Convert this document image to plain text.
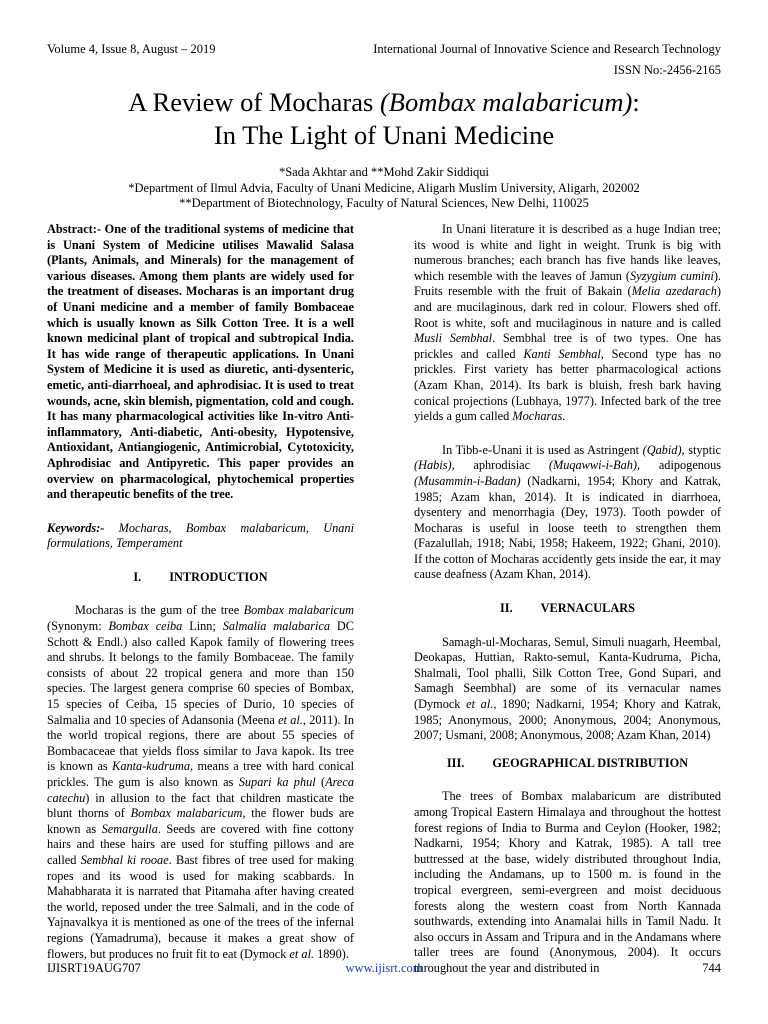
Volume 4, Issue 8, August – 2019	International Journal of Innovative Science and Research Technology
ISSN No:-2456-2165
A Review of Mocharas (Bombax malabaricum):
In The Light of Unani Medicine
*Sada Akhtar and **Mohd Zakir Siddiqui
*Department of Ilmul Advia, Faculty of Unani Medicine, Aligarh Muslim University, Aligarh, 202002
**Department of Biotechnology, Faculty of Natural Sciences, New Delhi, 110025

Abstract:- One of the traditional systems of medicine that is Unani System of Medicine utilises Mawalid Salasa (Plants, Animals, and Minerals) for the management of various diseases. Among them plants are widely used for the treatment of diseases. Mocharas is an important drug of Unani medicine and a member of family Bombaceae which is usually known as Silk Cotton Tree. It is a well known medicinal plant of tropical and subtropical India. It has wide range of therapeutic applications. In Unani System of Medicine it is used as diuretic, anti-dysenteric, emetic, anti-diarrhoeal, and aphrodisiac. It is used to treat wounds, acne, skin blemish, pigmentation, cold and cough. It has many pharmacological activities like In-vitro Anti-inflammatory, Anti-diabetic, Anti-obesity, Hypotensive, Antioxidant, Antiangiogenic, Antimicrobial, Cytotoxicity, Aphrodisiac and Antipyretic. This paper provides an overview on pharmacological, phytochemical properties and therapeutic benefits of the tree.

Keywords:- Mocharas, Bombax malabaricum, Unani formulations, Temperament

I. INTRODUCTION

Mocharas is the gum of the tree Bombax malabaricum (Synonym: Bombax ceiba Linn; Salmalia malabarica DC Schott & Endl.) also called Kapok family of flowering trees and shrubs. It belongs to the family Bombaceae. The family consists of about 22 tropical genera and more than 150 species. The largest genera comprise 60 species of Bombax, 15 species of Ceiba, 15 species of Durio, 10 species of Salmalia and 10 species of Adansonia (Meena et al., 2011). In the world tropical regions, there are about 55 species of Bombacaceae that yields floss similar to Java kapok. Its tree is known as Kanta-kudruma, means a tree with hard conical prickles. The gum is also known as Supari ka phul (Areca catechu) in allusion to the fact that children masticate the blunt thorns of Bombax malabaricum, the flower buds are known as Semargulla. Seeds are covered with fine cottony hairs and these hairs are used for stuffing pillows and are called Sembhal ki rooae. Bast fibres of tree used for making ropes and its wood is used for making scabbards. In Mahabharata it is narrated that Pitamaha after having created the world, reposed under the tree Salmali, and in the code of Yajnavalkya it is mentioned as one of the trees of the infernal regions (Yamadruma), because it makes a great show of flowers, but produces no fruit fit to eat (Dymock et al. 1890).

In Unani literature it is described as a huge Indian tree; its wood is white and light in weight. Trunk is big with numerous branches; each branch has five hands like leaves, which resemble with the leaves of Jamun (Syzygium cumini). Fruits resemble with the fruit of Bakain (Melia azedarach) and are mucilaginous, dark red in colour. Flowers shed off. Root is white, soft and mucilaginous in nature and is called Musli Sembhal. Sembhal tree is of two types. One has prickles and called Kanti Sembhal, Second type has no prickles. First variety has better pharmacological actions (Azam Khan, 2014). Its bark is bluish, fresh bark having conical projections (Lubhaya, 1977). Infected bark of the tree yields a gum called Mocharas.

In Tibb-e-Unani it is used as Astringent (Qabid), styptic (Habis), aphrodisiac (Muqawwi-i-Bah), adipogenous (Musammin-i-Badan) (Nadkarni, 1954; Khory and Katrak, 1985; Azam khan, 2014). It is indicated in diarrhoea, dysentery and menorrhagia (Dey, 1973). Tooth powder of Mocharas is useful in loose teeth to strengthen them (Fazalullah, 1918; Nabi, 1958; Hakeem, 1922; Ghani, 2010). If the cotton of Mocharas accidently gets inside the ear, it may cause deafness (Azam Khan, 2014).

II. VERNACULARS

Samagh-ul-Mocharas, Semul, Simuli nuagarh, Heembal, Deokapas, Huttian, Rakto-semul, Kanta-Kudruma, Picha, Shalmali, Tool phalli, Silk Cotton Tree, Gond Supari, and Samagh Seembhal) are some of its vernacular names (Dymock et al., 1890; Nadkarni, 1954; Khory and Katrak, 1985; Anonymous, 2000; Anonymous, 2004; Anonymous, 2007; Usmani, 2008; Anonymous, 2008; Azam Khan, 2014)

III. GEOGRAPHICAL DISTRIBUTION

The trees of Bombax malabaricum are distributed among Tropical Eastern Himalaya and throughout the hottest forest regions of India to Burma and Ceylon (Hooker, 1982; Nadkarni, 1954; Khory and Katrak, 1985). A tall tree buttressed at the base, widely distributed throughout India, including the Andamans, up to 1500 m. is found in the tropical evergreen, semi-evergreen and moist deciduous forests along the western coast from North Kannada southwards, extending into Anamalai hills in Tamil Nadu. It also occurs in Assam and Tripura and in the Andamans where taller trees are found (Anonymous, 2004). It occurs throughout the year and distributed in

IJISRT19AUG707	www.ijisrt.com	744
